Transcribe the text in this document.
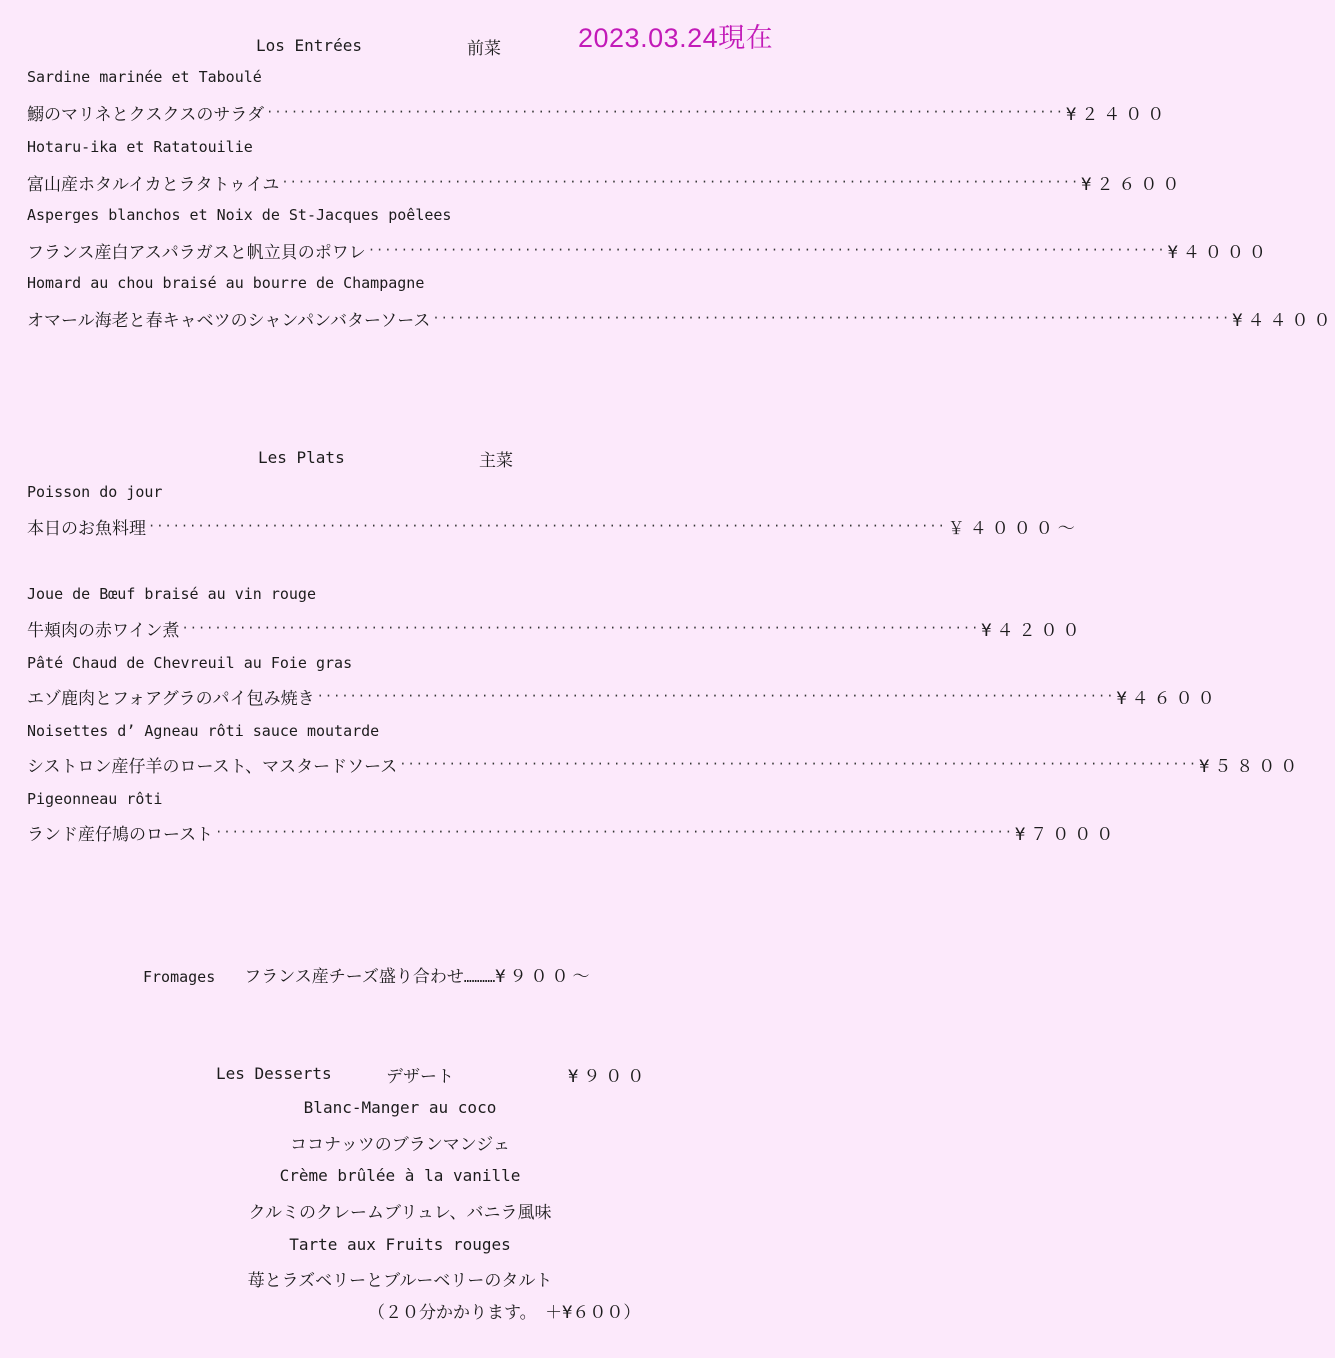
2023.03.24現在
Los Entrées	前菜
Sardine marinée et Taboulé
鰯のマリネとクスクスのサラダ ································································································· ¥２４００
Hotaru-ika et Ratatouilie
富山産ホタルイカとラタトゥイユ ································································································· ¥２６００
Asperges blanchos et Noix de St-Jacques poêlees
フランス産白アスパラガスと帆立貝のポワレ ································································································· ¥４０００
Homard au chou braisé au bourre de Champagne
オマール海老と春キャベツのシャンパンバターソース ································································································· ¥４４００
Les Plats	主菜
Poisson do jour
本日のお魚料理 ································································································· ￥４０００～
Joue de Bœuf braisé au vin rouge
牛頬肉の赤ワイン煮 ································································································· ¥４２００
Pâté Chaud de Chevreuil au Foie gras
エゾ鹿肉とフォアグラのパイ包み焼き ································································································· ¥４６００
Noisettes d’ Agneau rôti sauce moutarde
シストロン産仔羊のロースト、マスタードソース ································································································· ¥５８００
Pigeonneau rôti
ランド産仔鳩のロースト ································································································· ¥７０００
Fromages フランス産チーズ盛り合わせ…………¥９００～
Les Desserts	デザート	¥９００
Blanc-Manger au coco
ココナッツのブランマンジェ
Crème brûlée à la vanille
クルミのクレームブリュレ、バニラ風味
Tarte aux Fruits rouges
苺とラズベリーとブルーベリーのタルト
（２０分かかります。　＋¥６００）
